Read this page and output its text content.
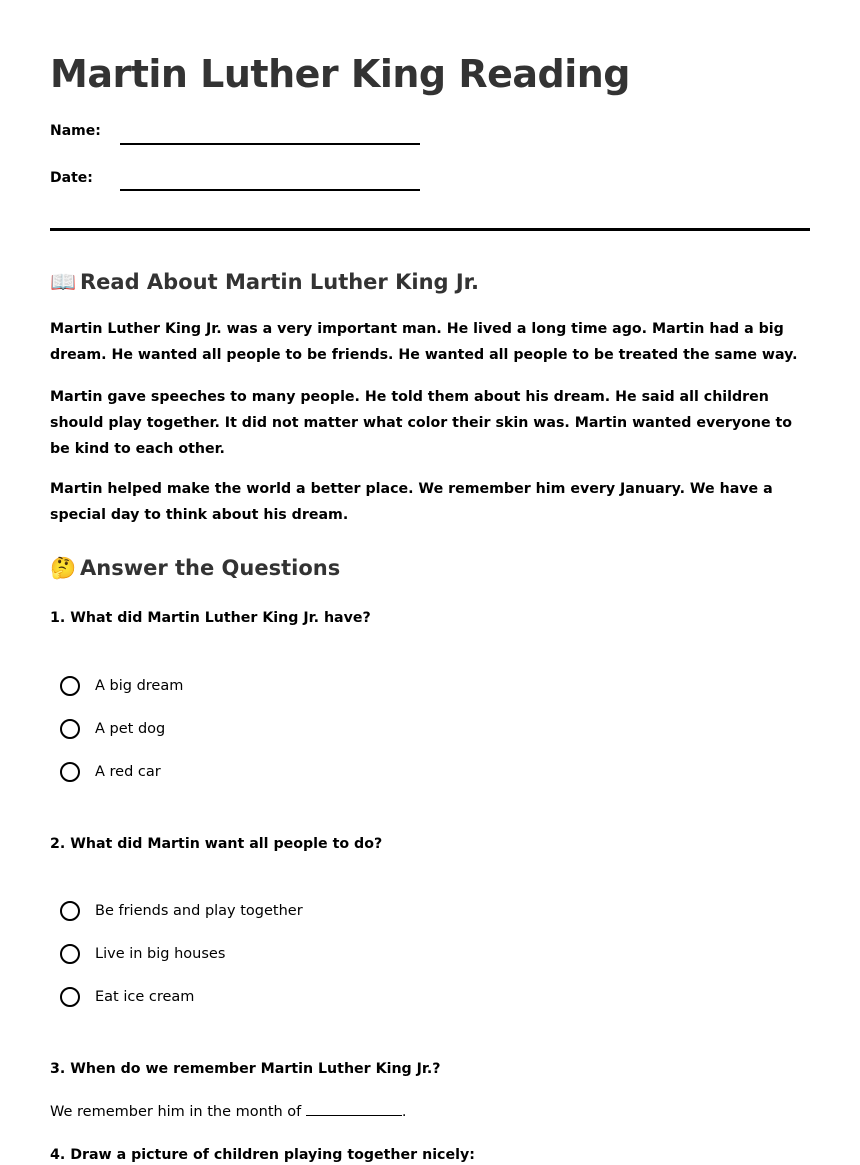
Martin Luther King Reading
Name:
Date:
📖 Read About Martin Luther King Jr.

Martin Luther King Jr. was a very important man. He lived a long time ago. Martin had a big dream. He wanted all people to be friends. He wanted all people to be treated the same way.

Martin gave speeches to many people. He told them about his dream. He said all children should play together. It did not matter what color their skin was. Martin wanted everyone to be kind to each other.

Martin helped make the world a better place. We remember him every January. We have a special day to think about his dream.

🤔 Answer the Questions

1. What did Martin Luther King Jr. have?

A big dream
A pet dog
A red car

2. What did Martin want all people to do?

Be friends and play together
Live in big houses
Eat ice cream

3. When do we remember Martin Luther King Jr.?

We remember him in the month of	.

4. Draw a picture of children playing together nicely:
